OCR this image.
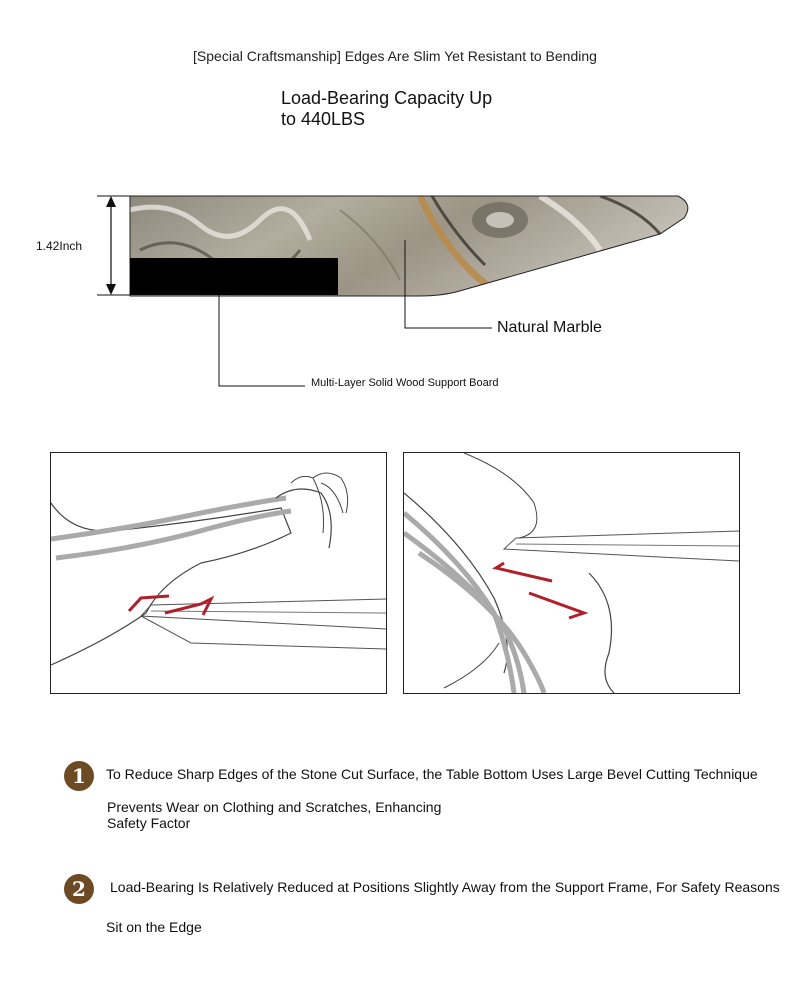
[Special Craftsmanship] Edges Are Slim Yet Resistant to Bending
Load-Bearing Capacity Up
to 440LBS
1.42Inch
Natural Marble
Multi-Layer Solid Wood Support Board
1	To Reduce Sharp Edges of the Stone Cut Surface, the Table Bottom Uses Large Bevel Cutting Technique
Prevents Wear on Clothing and Scratches, Enhancing
Safety Factor
2	Load-Bearing Is Relatively Reduced at Positions Slightly Away from the Support Frame, For Safety Reasons
Sit on the Edge
